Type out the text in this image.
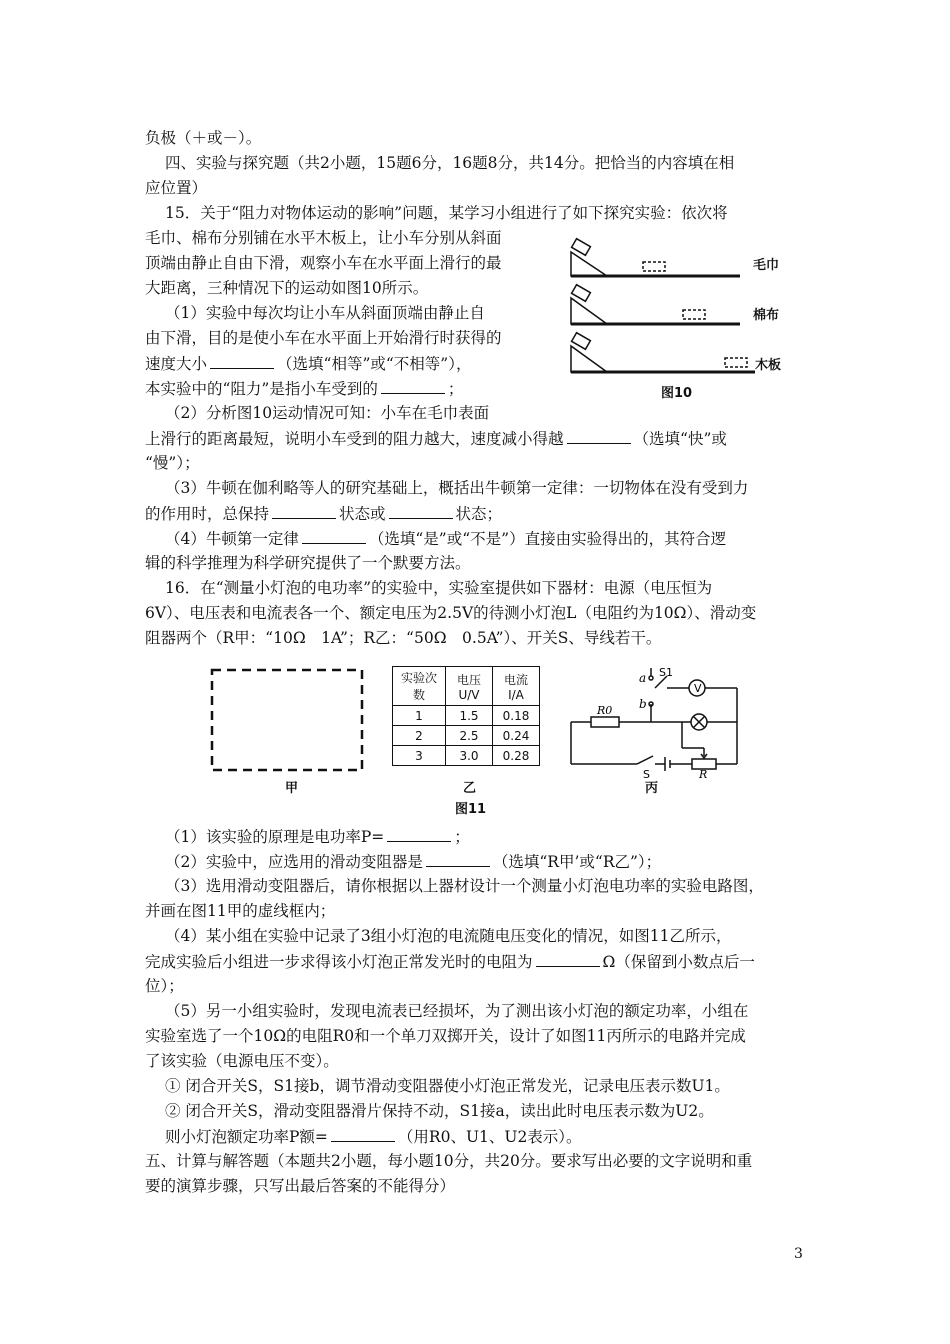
负极（＋或－）。
四、实验与探究题（共2小题，15题6分，16题8分，共14分。把恰当的内容填在相
应位置）
15．关于“阻力对物体运动的影响”问题，某学习小组进行了如下探究实验：依次将
毛巾、棉布分别铺在水平木板上，让小车分别从斜面
顶端由静止自由下滑，观察小车在水平面上滑行的最
大距离，三种情况下的运动如图10所示。
（1）实验中每次均让小车从斜面顶端由静止自
由下滑，目的是使小车在水平面上开始滑行时获得的
速度大小	（选填“相等”或“不相等”），
本实验中的“阻力”是指小车受到的	；
（2）分析图10运动情况可知：小车在毛巾表面
上滑行的距离最短，说明小车受到的阻力越大，速度减小得越	（选填“快”或
“慢”）；
（3）牛顿在伽利略等人的研究基础上，概括出牛顿第一定律：一切物体在没有受到力
的作用时，总保持	状态或	状态；
（4）牛顿第一定律	（选填“是”或“不是”）直接由实验得出的，其符合逻
辑的科学推理为科学研究提供了一个默要方法。
16．在“测量小灯泡的电功率”的实验中，实验室提供如下器材：电源（电压恒为
6V）、电压表和电流表各一个、额定电压为2.5V的待测小灯泡L（电阻约为10Ω）、滑动变
阻器两个（R甲：“10Ω　1A”；R乙：“50Ω　0.5A”）、开关S、导线若干。
（1）该实验的原理是电功率P=	；
（2）实验中，应选用的滑动变阻器是	（选填“R甲’或“R乙”）；
（3）选用滑动变阻器后，请你根据以上器材设计一个测量小灯泡电功率的实验电路图，
并画在图11甲的虚线框内；
（4）某小组在实验中记录了3组小灯泡的电流随电压变化的情况，如图11乙所示，
完成实验后小组进一步求得该小灯泡正常发光时的电阻为	Ω（保留到小数点后一
位）；
（5）另一小组实验时，发现电流表已经损坏，为了测出该小灯泡的额定功率，小组在
实验室选了一个10Ω的电阻R0和一个单刀双掷开关，设计了如图11丙所示的电路并完成
了该实验（电源电压不变）。
① 闭合开关S，S1接b，调节滑动变阻器使小灯泡正常发光，记录电压表示数U1。
② 闭合开关S，滑动变阻器滑片保持不动，S1接a，读出此时电压表示数为U2。
则小灯泡额定功率P额=	（用R0、U1、U2表示）。
五、计算与解答题（本题共2小题，每小题10分，共20分。要求写出必要的文字说明和重
要的演算步骤，只写出最后答案的不能得分）
毛巾
棉布
木板
图10
甲
实验次数	电压U/V	电流I/A
1	1.5	0.18
2	2.5	0.24
3	3.0	0.28
乙
V
a
b
S1
R0
S	R
丙
图11
3
